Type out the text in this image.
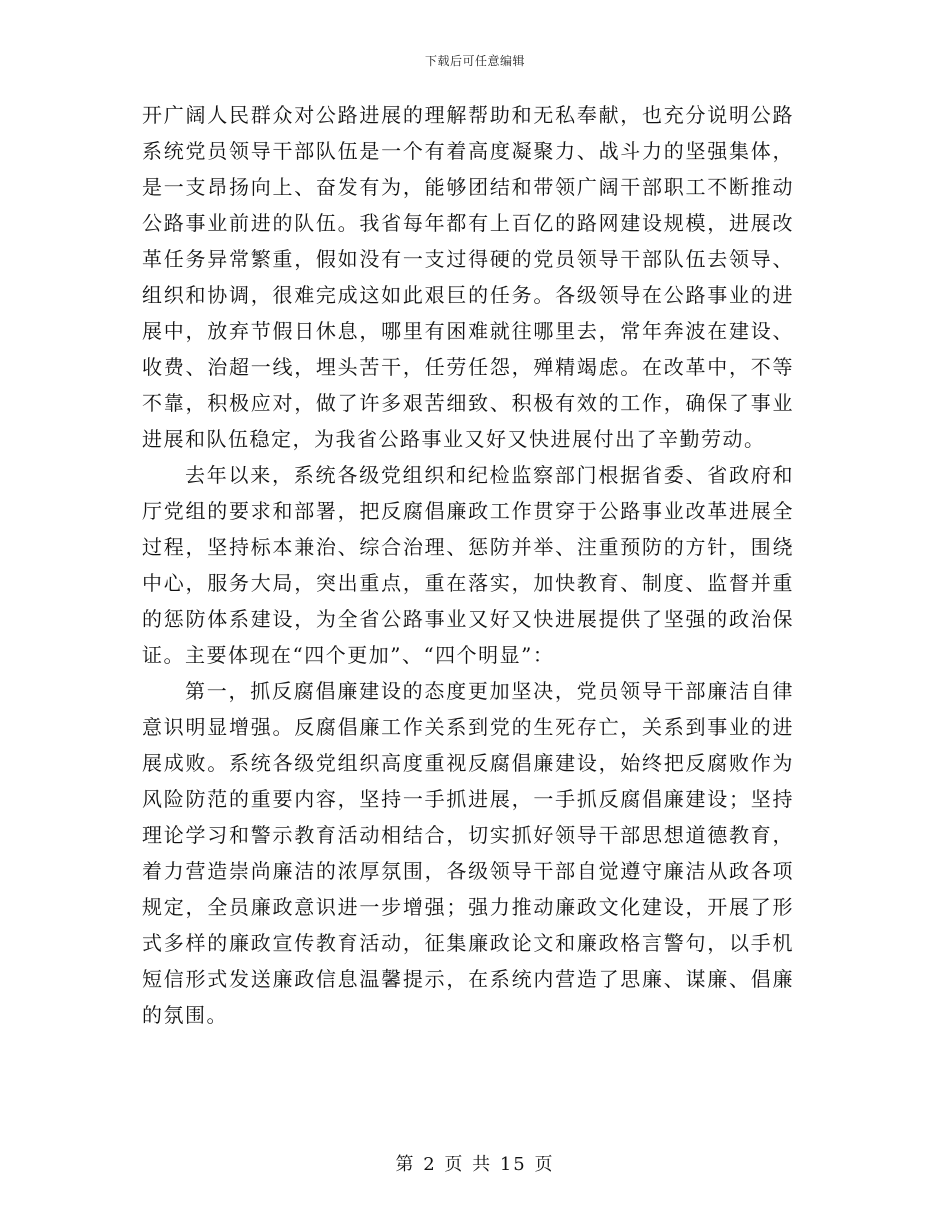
下载后可任意编辑

开广阔人民群众对公路进展的理解帮助和无私奉献，也充分说明公路系统党员领导干部队伍是一个有着高度凝聚力、战斗力的坚强集体，是一支昂扬向上、奋发有为，能够团结和带领广阔干部职工不断推动公路事业前进的队伍。我省每年都有上百亿的路网建设规模，进展改革任务异常繁重，假如没有一支过得硬的党员领导干部队伍去领导、组织和协调，很难完成这如此艰巨的任务。各级领导在公路事业的进展中，放弃节假日休息，哪里有困难就往哪里去，常年奔波在建设、收费、治超一线，埋头苦干，任劳任怨，殚精竭虑。在改革中，不等不靠，积极应对，做了许多艰苦细致、积极有效的工作，确保了事业进展和队伍稳定，为我省公路事业又好又快进展付出了辛勤劳动。

去年以来，系统各级党组织和纪检监察部门根据省委、省政府和厅党组的要求和部署，把反腐倡廉政工作贯穿于公路事业改革进展全过程，坚持标本兼治、综合治理、惩防并举、注重预防的方针，围绕中心，服务大局，突出重点，重在落实，加快教育、制度、监督并重的惩防体系建设，为全省公路事业又好又快进展提供了坚强的政治保证。主要体现在“四个更加”、“四个明显”：

第一，抓反腐倡廉建设的态度更加坚决，党员领导干部廉洁自律意识明显增强。反腐倡廉工作关系到党的生死存亡，关系到事业的进展成败。系统各级党组织高度重视反腐倡廉建设，始终把反腐败作为风险防范的重要内容，坚持一手抓进展，一手抓反腐倡廉建设；坚持理论学习和警示教育活动相结合，切实抓好领导干部思想道德教育，着力营造崇尚廉洁的浓厚氛围，各级领导干部自觉遵守廉洁从政各项规定，全员廉政意识进一步增强；强力推动廉政文化建设，开展了形式多样的廉政宣传教育活动，征集廉政论文和廉政格言警句，以手机短信形式发送廉政信息温馨提示，在系统内营造了思廉、谋廉、倡廉的氛围。

第 2 页 共 15 页
